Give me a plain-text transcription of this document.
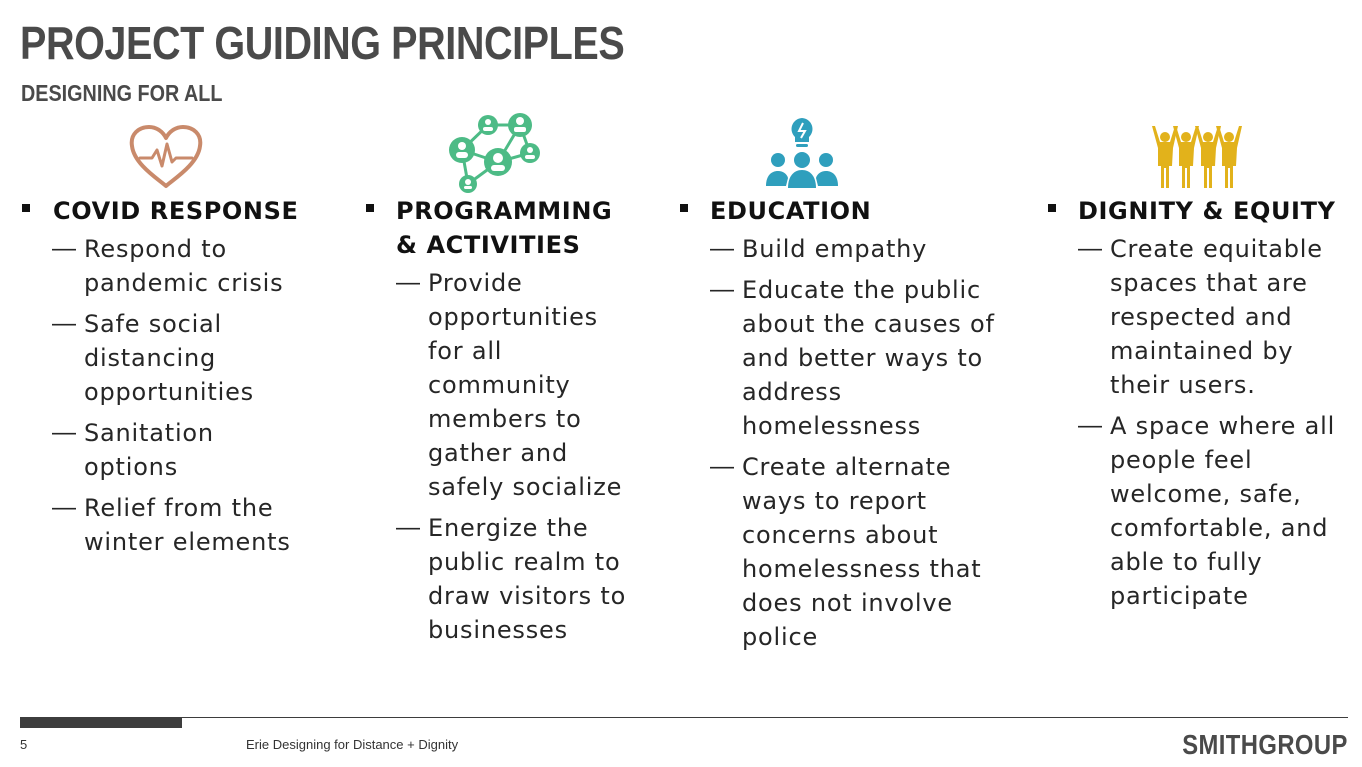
PROJECT GUIDING PRINCIPLES
DESIGNING FOR ALL
COVID RESPONSE
— Respond to pandemic crisis
— Safe social distancing opportunities
— Sanitation options
— Relief from the winter elements
PROGRAMMING & ACTIVITIES
— Provide opportunities for all community members to gather and safely socialize
— Energize the public realm to draw visitors to businesses
EDUCATION
— Build empathy
— Educate the public about the causes of and better ways to address homelessness
— Create alternate ways to report concerns about homelessness that does not involve police
DIGNITY & EQUITY
— Create equitable spaces that are respected and maintained by their users.
— A space where all people feel welcome, safe, comfortable, and able to fully participate
5	Erie Designing for Distance + Dignity	SMITHGROUP
